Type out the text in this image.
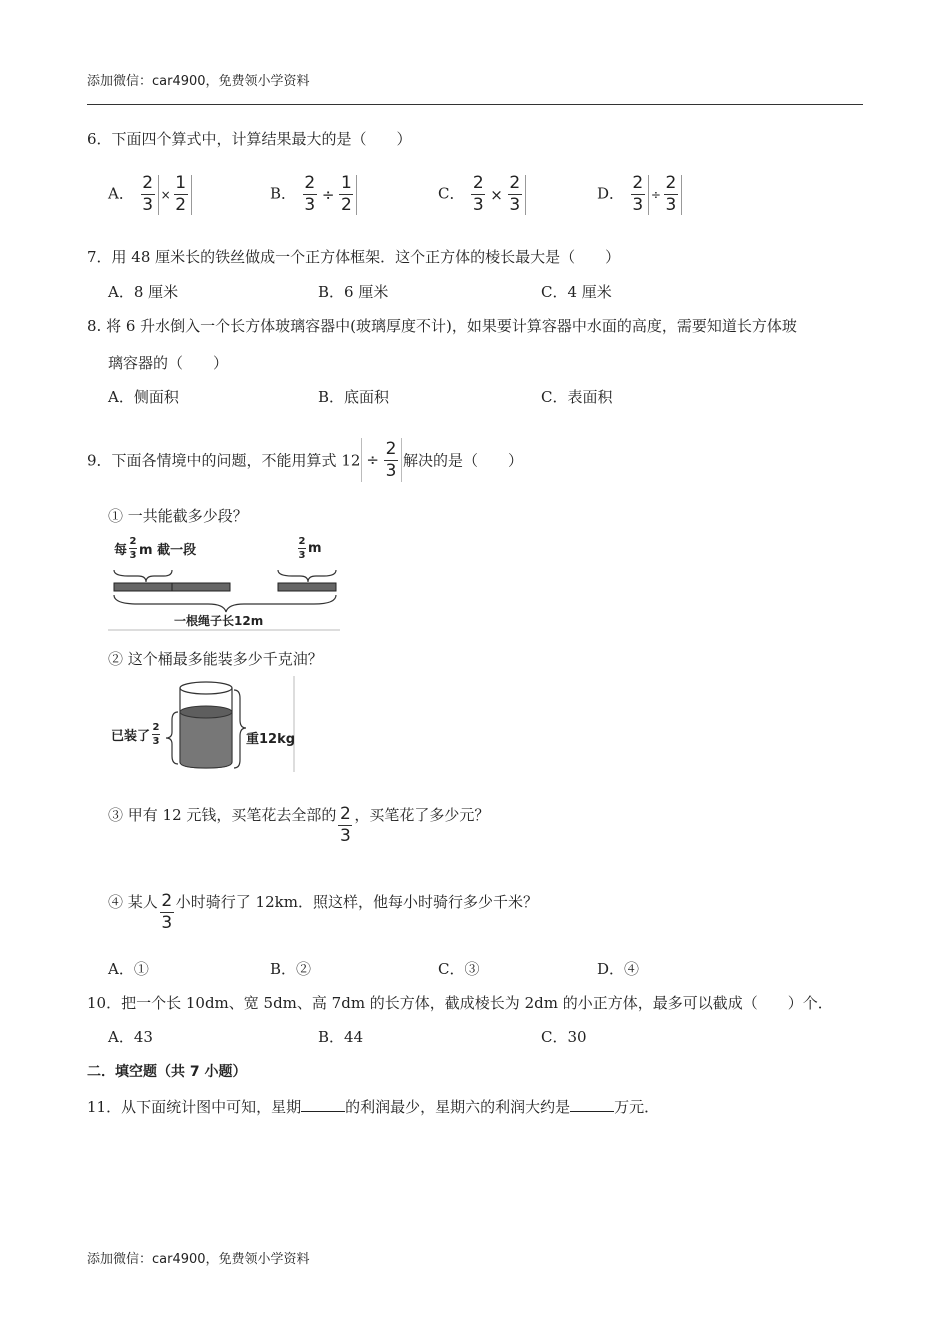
添加微信：car4900，免费领小学资料
6．下面四个算式中，计算结果最大的是（　　）
A． $\frac{2}{3} \times \frac{1}{2}$	B． $\frac{2}{3} \div \frac{1}{2}$	C． $\frac{2}{3} \times \frac{2}{3}$	D． $\frac{2}{3} \div \frac{2}{3}$
7．用 48 厘米长的铁丝做成一个正方体框架．这个正方体的棱长最大是（　　）
A．8 厘米	B．6 厘米	C．4 厘米
8. 将 6 升水倒入一个长方体玻璃容器中(玻璃厚度不计)，如果要计算容器中水面的高度，需要知道长方体玻
璃容器的（　　）
A．侧面积	B．底面积	C．表面积
9．下面各情境中的问题，不能用算式 $12 \div \frac{2}{3}$ 解决的是（　　）
① 一共能截多少段？
每 $\frac{2}{3}$ m 截一段	$\frac{2}{3}$ m
一根绳子长12m
② 这个桶最多能装多少千克油？
已装了 $\frac{2}{3}$	重12kg
③ 甲有 12 元钱，买笔花去全部的 $\frac{2}{3}$ ，买笔花了多少元？
④ 某人 $\frac{2}{3}$ 小时骑行了 12km．照这样，他每小时骑行多少千米？
A．①	B．②	C．③	D．④
10．把一个长 10dm、宽 5dm、高 7dm 的长方体，截成棱长为 2dm 的小正方体，最多可以截成（　　）个．
A．43	B．44	C．30
二．填空题（共 7 小题）
11．从下面统计图中可知，星期	的利润最少，星期六的利润大约是	万元．
添加微信：car4900，免费领小学资料
